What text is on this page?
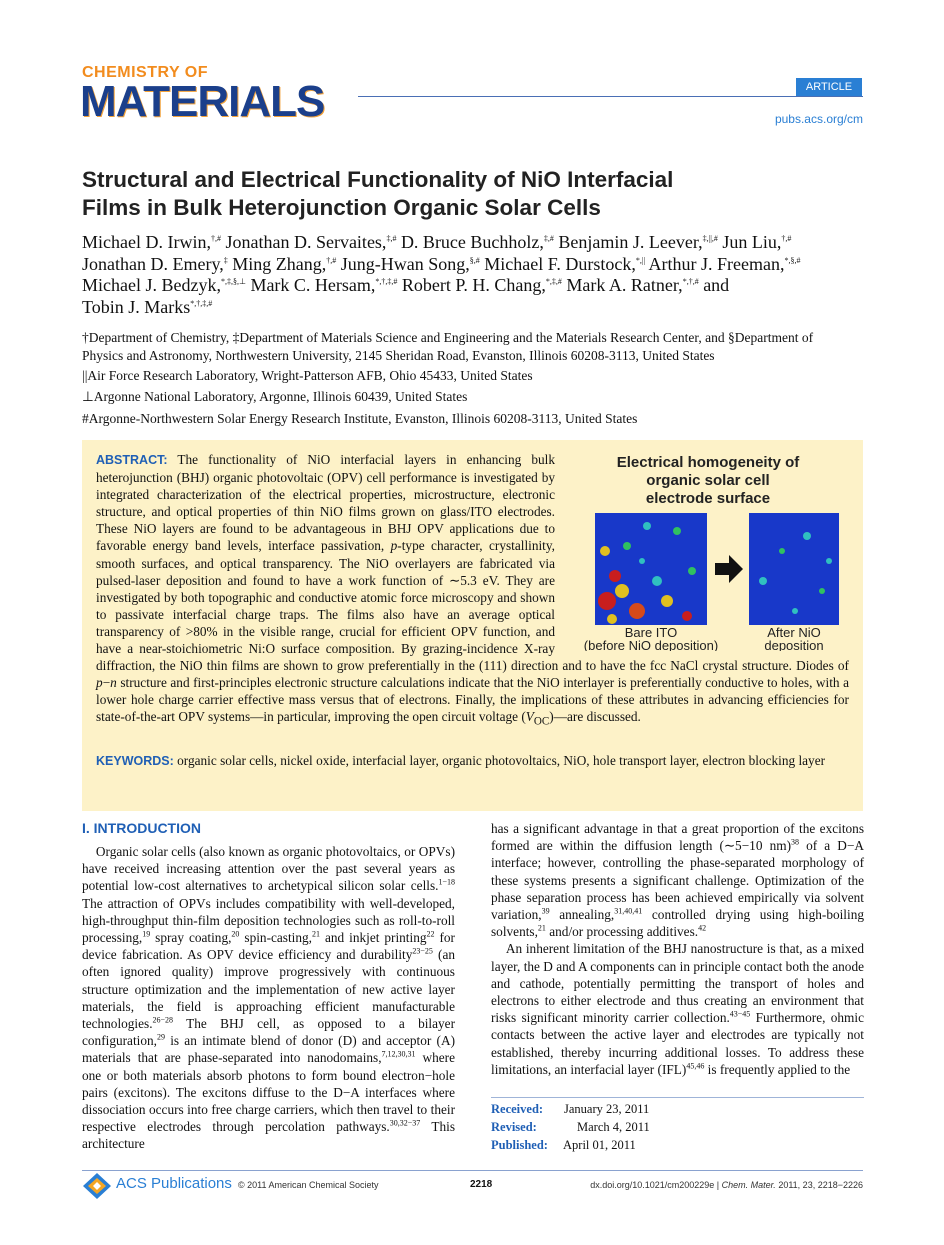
CHEMISTRY OF
MATERIALS	ARTICLE
pubs.acs.org/cm
Structural and Electrical Functionality of NiO Interfacial
Films in Bulk Heterojunction Organic Solar Cells
Michael D. Irwin,†,# Jonathan D. Servaites,‡,# D. Bruce Buchholz,‡,# Benjamin J. Leever,‡,||,# Jun Liu,†,#
Jonathan D. Emery,‡ Ming Zhang,†,# Jung-Hwan Song,§,# Michael F. Durstock,*,|| Arthur J. Freeman,*,§,#
Michael J. Bedzyk,*,‡,§,⊥ Mark C. Hersam,*,†,‡,# Robert P. H. Chang,*,‡,# Mark A. Ratner,*,†,# and
Tobin J. Marks*,†,‡,#
†Department of Chemistry, ‡Department of Materials Science and Engineering and the Materials Research Center, and §Department of
Physics and Astronomy, Northwestern University, 2145 Sheridan Road, Evanston, Illinois 60208-3113, United States
||Air Force Research Laboratory, Wright-Patterson AFB, Ohio 45433, United States
⊥Argonne National Laboratory, Argonne, Illinois 60439, United States
#Argonne-Northwestern Solar Energy Research Institute, Evanston, Illinois 60208-3113, United States
Electrical homogeneity of
organic solar cell
electrode surface
Bare ITO
(before NiO deposition)
After NiO
deposition
ABSTRACT: The functionality of NiO interfacial layers in enhancing bulk heterojunction (BHJ) organic photovoltaic (OPV) cell performance is investigated by integrated characterization of the electrical properties, microstructure, electronic structure, and optical properties of thin NiO films grown on glass/ITO electrodes. These NiO layers are found to be advantageous in BHJ OPV applications due to favorable energy band levels, interface passivation, p-type character, crystallinity, smooth surfaces, and optical transparency. The NiO overlayers are fabricated via pulsed-laser deposition and found to have a work function of ∼5.3 eV. They are investigated by both topographic and conductive atomic force microscopy and shown to passivate interfacial charge traps. The films also have an average optical transparency of >80% in the visible range, crucial for efficient OPV function, and have a near-stoichiometric Ni:O surface composition. By grazing-incidence X-ray diffraction, the NiO thin films are shown to grow preferentially in the (111) direction and to have the fcc NaCl crystal structure. Diodes of p−n structure and first-principles electronic structure calculations indicate that the NiO interlayer is preferentially conductive to holes, with a lower hole charge carrier effective mass versus that of electrons. Finally, the implications of these attributes in advancing efficiencies for state-of-the-art OPV systems—in particular, improving the open circuit voltage $(V_{OC})—are$ discussed.
KEYWORDS: organic solar cells, nickel oxide, interfacial layer, organic photovoltaics, NiO, hole transport layer, electron blocking layer
I. INTRODUCTION
Organic solar cells (also known as organic photovoltaics, or OPVs) have received increasing attention over the past several years as potential low-cost alternatives to archetypical silicon solar cells.$^{1-18}$ The attraction of OPVs includes compatibility with well-developed, high-throughput thin-film deposition technologies such as roll-to-roll processing,$^{19}$ spray coating,$^{20}$ spin-casting,$^{21}$ and inkjet printing$^{22}$ for device fabrication. As OPV device efficiency and durability$^{23-25}$ (an often ignored quality) improve progressively with continuous structure optimization and the implementation of new active layer materials, the field is approaching efficient manufacturable technologies.$^{26-28}$ The BHJ cell, as opposed to a bilayer configuration,$^{29}$ is an intimate blend of donor (D) and acceptor (A) materials that are phase-separated into nanodomains,$^{7,12,30,31}$ where one or both materials absorb photons to form bound electron−hole pairs (excitons). The excitons diffuse to the D−A interfaces where dissociation occurs into free charge carriers, which then travel to their respective electrodes through percolation pathways.$^{30,32-37}$ This architecture
has a significant advantage in that a great proportion of the excitons formed are within the diffusion length (∼5−10 nm)$^{38}$ of a D−A interface; however, controlling the phase-separated morphology of these systems presents a significant challenge. Optimization of the phase separation process has been achieved empirically via solvent variation,$^{39}$ annealing,$^{31,40,41}$ controlled drying using high-boiling solvents,$^{21}$ and/or processing additives.$^{42}$
An inherent limitation of the BHJ nanostructure is that, as a mixed layer, the D and A components can in principle contact both the anode and cathode, potentially permitting the transport of holes and electrons to either electrode and thus creating an environment that risks significant minority carrier collection.$^{43-45}$ Furthermore, ohmic contacts between the active layer and electrodes are typically not established, thereby incurring additional losses. To address these limitations, an interfacial layer (IFL)$^{45,46}$ is frequently applied to the
Received: January 23, 2011
Revised:	March 4, 2011
Published: April 01, 2011
ACS Publications © 2011 American Chemical Society	2218	dx.doi.org/10.1021/cm200229e | Chem. Mater. 2011, 23, 2218−2226
